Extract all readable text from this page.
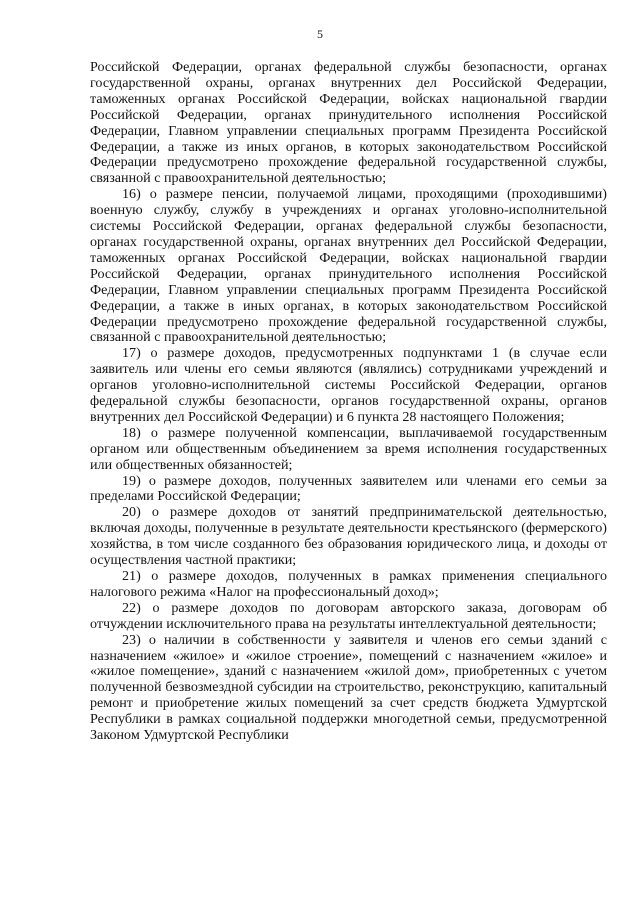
5

Российской Федерации, органах федеральной службы безопасности, органах государственной охраны, органах внутренних дел Российской Федерации, таможенных органах Российской Федерации, войсках национальной гвардии Российской Федерации, органах принудительного исполнения Российской Федерации, Главном управлении специальных программ Президента Российской Федерации, а также из иных органов, в которых законодательством Российской Федерации предусмотрено прохождение федеральной государственной службы, связанной с правоохранительной деятельностью;

16) о размере пенсии, получаемой лицами, проходящими (проходившими) военную службу, службу в учреждениях и органах уголовно-исполнительной системы Российской Федерации, органах федеральной службы безопасности, органах государственной охраны, органах внутренних дел Российской Федерации, таможенных органах Российской Федерации, войсках национальной гвардии Российской Федерации, органах принудительного исполнения Российской Федерации, Главном управлении специальных программ Президента Российской Федерации, а также в иных органах, в которых законодательством Российской Федерации предусмотрено прохождение федеральной государственной службы, связанной с правоохранительной деятельностью;

17) о размере доходов, предусмотренных подпунктами 1 (в случае если заявитель или члены его семьи являются (являлись) сотрудниками учреждений и органов уголовно-исполнительной системы Российской Федерации, органов федеральной службы безопасности, органов государственной охраны, органов внутренних дел Российской Федерации) и 6 пункта 28 настоящего Положения;

18) о размере полученной компенсации, выплачиваемой государственным органом или общественным объединением за время исполнения государственных или общественных обязанностей;

19) о размере доходов, полученных заявителем или членами его семьи за пределами Российской Федерации;

20) о размере доходов от занятий предпринимательской деятельностью, включая доходы, полученные в результате деятельности крестьянского (фермерского) хозяйства, в том числе созданного без образования юридического лица, и доходы от осуществления частной практики;

21) о размере доходов, полученных в рамках применения специального налогового режима «Налог на профессиональный доход»;

22) о размере доходов по договорам авторского заказа, договорам об отчуждении исключительного права на результаты интеллектуальной деятельности;

23) о наличии в собственности у заявителя и членов его семьи зданий с назначением «жилое» и «жилое строение», помещений с назначением «жилое» и «жилое помещение», зданий с назначением «жилой дом», приобретенных с учетом полученной безвозмездной субсидии на строительство, реконструкцию, капитальный ремонт и приобретение жилых помещений за счет средств бюджета Удмуртской Республики в рамках социальной поддержки многодетной семьи, предусмотренной Законом Удмуртской Республики
